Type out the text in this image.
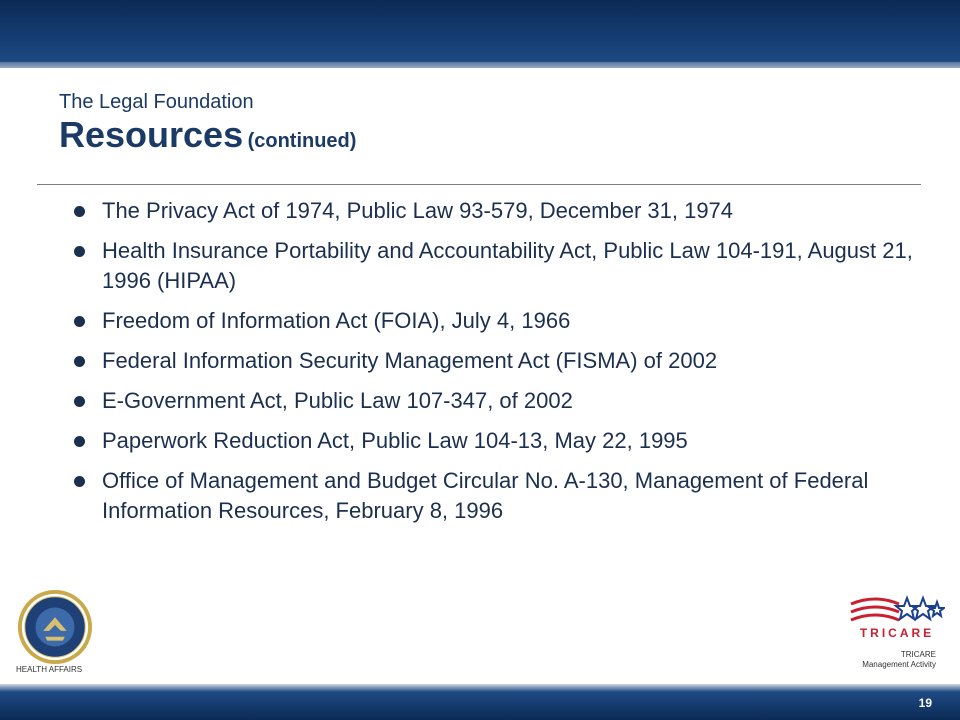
The Legal Foundation
Resources (continued)
The Privacy Act of 1974, Public Law 93-579, December 31, 1974
Health Insurance Portability and Accountability Act, Public Law 104-191, August 21, 1996 (HIPAA)
Freedom of Information Act (FOIA), July 4, 1966
Federal Information Security Management Act (FISMA) of 2002
E-Government Act, Public Law 107-347, of 2002
Paperwork Reduction Act, Public Law 104-13, May 22, 1995
Office of Management and Budget Circular No. A-130, Management of Federal Information Resources, February 8, 1996
HEALTH AFFAIRS
TRICARE
TRICARE
Management Activity
19
